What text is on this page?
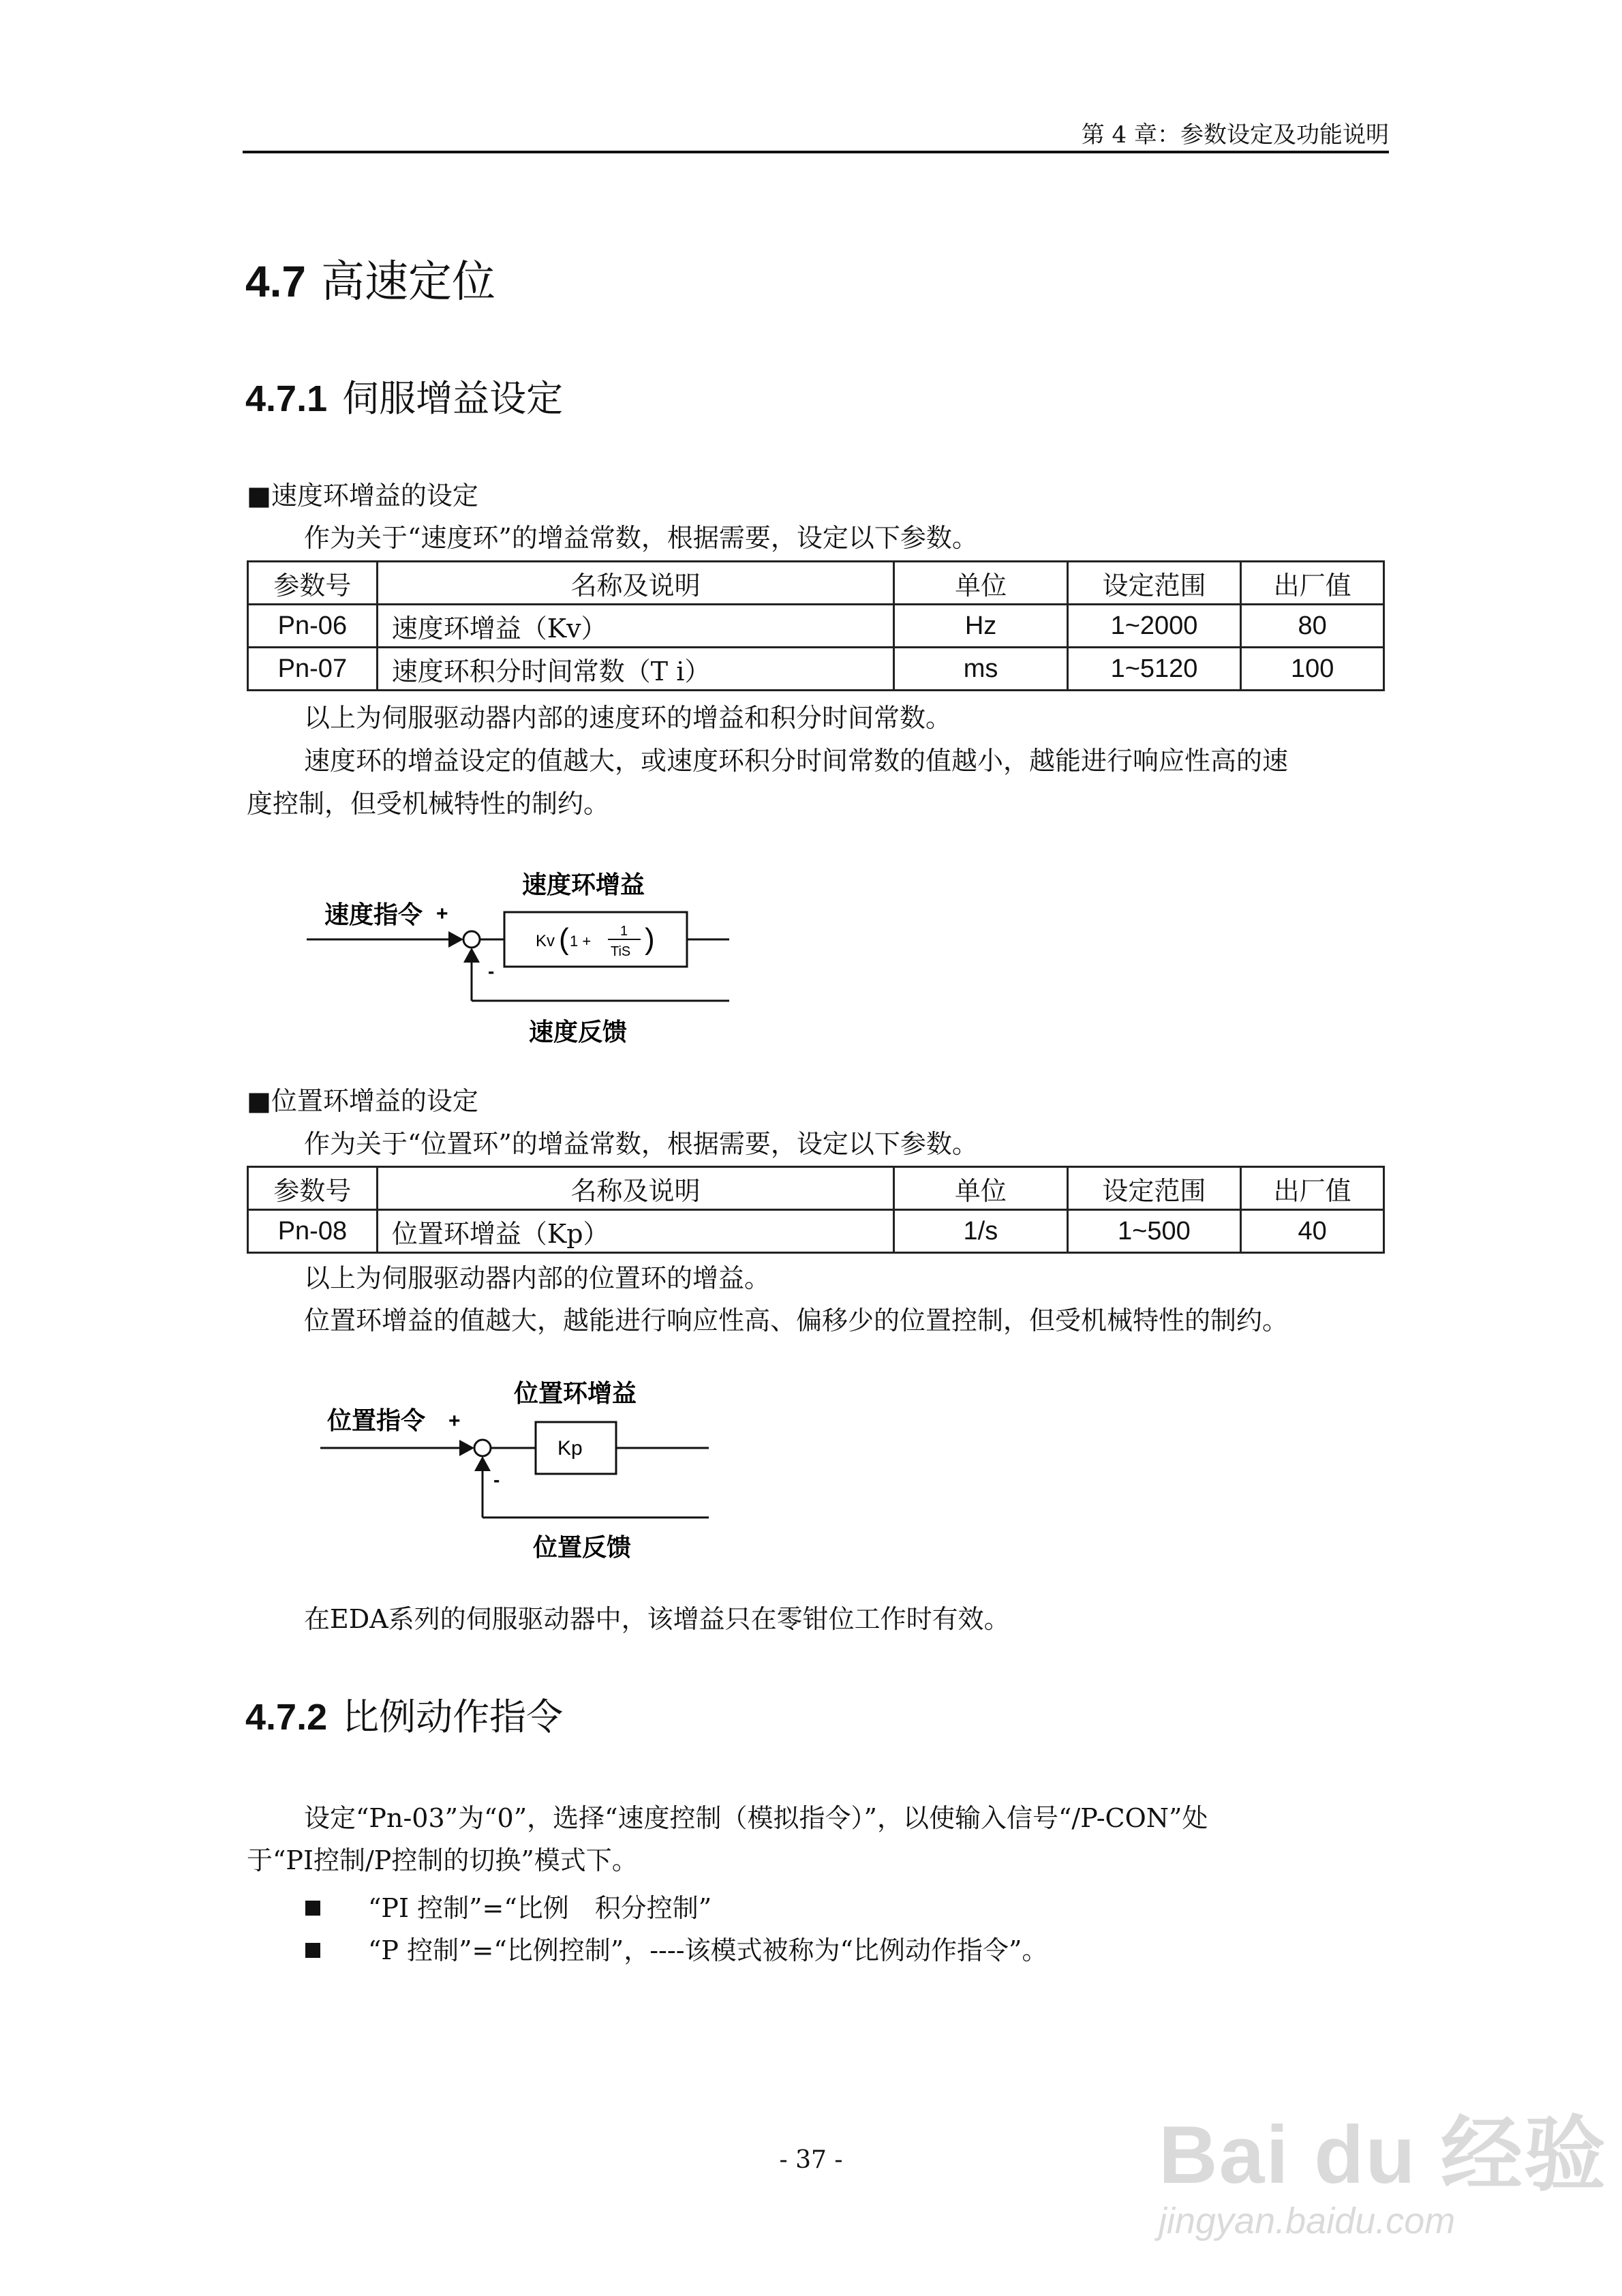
第 4 章：参数设定及功能说明
4.7 高速定位
4.7.1 伺服增益设定
■速度环增益的设定
作为关于“速度环”的增益常数，根据需要，设定以下参数。
参数号	名称及说明	单位	设定范围	出厂值
Pn-06	速度环增益（Kv）	Hz	1~2000	80
Pn-07	速度环积分时间常数（T i）	ms	1~5120	100
以上为伺服驱动器内部的速度环的增益和积分时间常数。
速度环的增益设定的值越大，或速度环积分时间常数的值越小，越能进行响应性高的速
度控制，但受机械特性的制约。
速度指令 +
速度环增益
Kv ( 1 +
1
TiS )
-
速度反馈
■位置环增益的设定
作为关于“位置环”的增益常数，根据需要，设定以下参数。
参数号	名称及说明	单位	设定范围	出厂值
Pn-08	位置环增益（Kp）	1/s	1~500	40
以上为伺服驱动器内部的位置环的增益。
位置环增益的值越大，越能进行响应性高、偏移少的位置控制，但受机械特性的制约。
位置指令 +
位置环增益
Kp
-
位置反馈
在EDA系列的伺服驱动器中，该增益只在零钳位工作时有效。
4.7.2 比例动作指令
设定“Pn-03”为“0”，选择“速度控制（模拟指令）”，以使输入信号“/P-CON”处
于“PI控制/P控制的切换”模式下。
“PI 控制”=“比例　积分控制”
“P 控制”=“比例控制”，----该模式被称为“比例动作指令”。
- 37 -	Bai du 经验
jingyan.baidu.com
